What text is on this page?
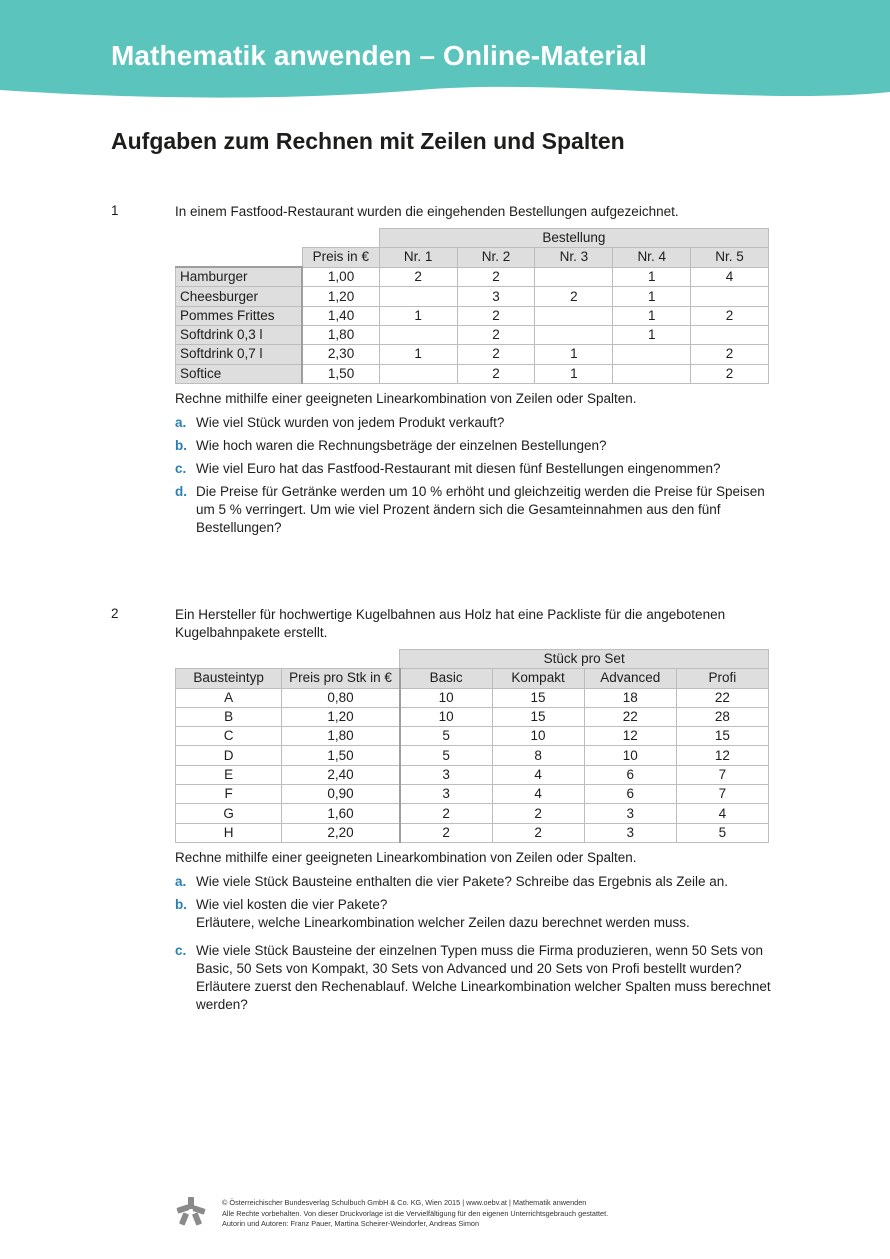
Mathematik anwenden – Online-Material
Aufgaben zum Rechnen mit Zeilen und Spalten
1	In einem Fastfood-Restaurant wurden die eingehenden Bestellungen aufgezeichnet.

		Bestellung				
	Preis in €	Nr. 1	Nr. 2	Nr. 3	Nr. 4	Nr. 5
Hamburger	1,00	2	2		1	4
Cheesburger	1,20		3	2	1	
Pommes Frittes	1,40	1	2		1	2
Softdrink 0,3 l	1,80		2		1	
Softdrink 0,7 l	2,30	1	2	1		2
Softice	1,50		2	1		2

Rechne mithilfe einer geeigneten Linearkombination von Zeilen oder Spalten.

a. Wie viel Stück wurden von jedem Produkt verkauft?
b. Wie hoch waren die Rechnungsbeträge der einzelnen Bestellungen?
c. Wie viel Euro hat das Fastfood-Restaurant mit diesen fünf Bestellungen eingenommen?
d. Die Preise für Getränke werden um 10 % erhöht und gleichzeitig werden die Preise für Speisen um 5 % verringert. Um wie viel Prozent ändern sich die Gesamteinnahmen aus den fünf Bestellungen?
2	Ein Hersteller für hochwertige Kugelbahnen aus Holz hat eine Packliste für die angebotenen Kugelbahnpakete erstellt.

		Stück pro Set			
Bausteintyp	Preis pro Stk in €	Basic	Kompakt	Advanced	Profi
A	0,80	10	15	18	22
B	1,20	10	15	22	28
C	1,80	5	10	12	15
D	1,50	5	8	10	12
E	2,40	3	4	6	7
F	0,90	3	4	6	7
G	1,60	2	2	3	4
H	2,20	2	2	3	5

Rechne mithilfe einer geeigneten Linearkombination von Zeilen oder Spalten.

a. Wie viele Stück Bausteine enthalten die vier Pakete? Schreibe das Ergebnis als Zeile an.
b. Wie viel kosten die vier Pakete?
Erläutere, welche Linearkombination welcher Zeilen dazu berechnet werden muss.
c. Wie viele Stück Bausteine der einzelnen Typen muss die Firma produzieren, wenn 50 Sets von Basic, 50 Sets von Kompakt, 30 Sets von Advanced und 20 Sets von Profi bestellt wurden? Erläutere zuerst den Rechenablauf. Welche Linearkombination welcher Spalten muss berechnet werden?
© Österreichischer Bundesverlag Schulbuch GmbH & Co. KG, Wien 2015 | www.oebv.at | Mathematik anwenden
Alle Rechte vorbehalten. Von dieser Druckvorlage ist die Vervielfältigung für den eigenen Unterrichtsgebrauch gestattet.
Autorin und Autoren: Franz Pauer, Martina Scheirer-Weindorfer, Andreas Simon
